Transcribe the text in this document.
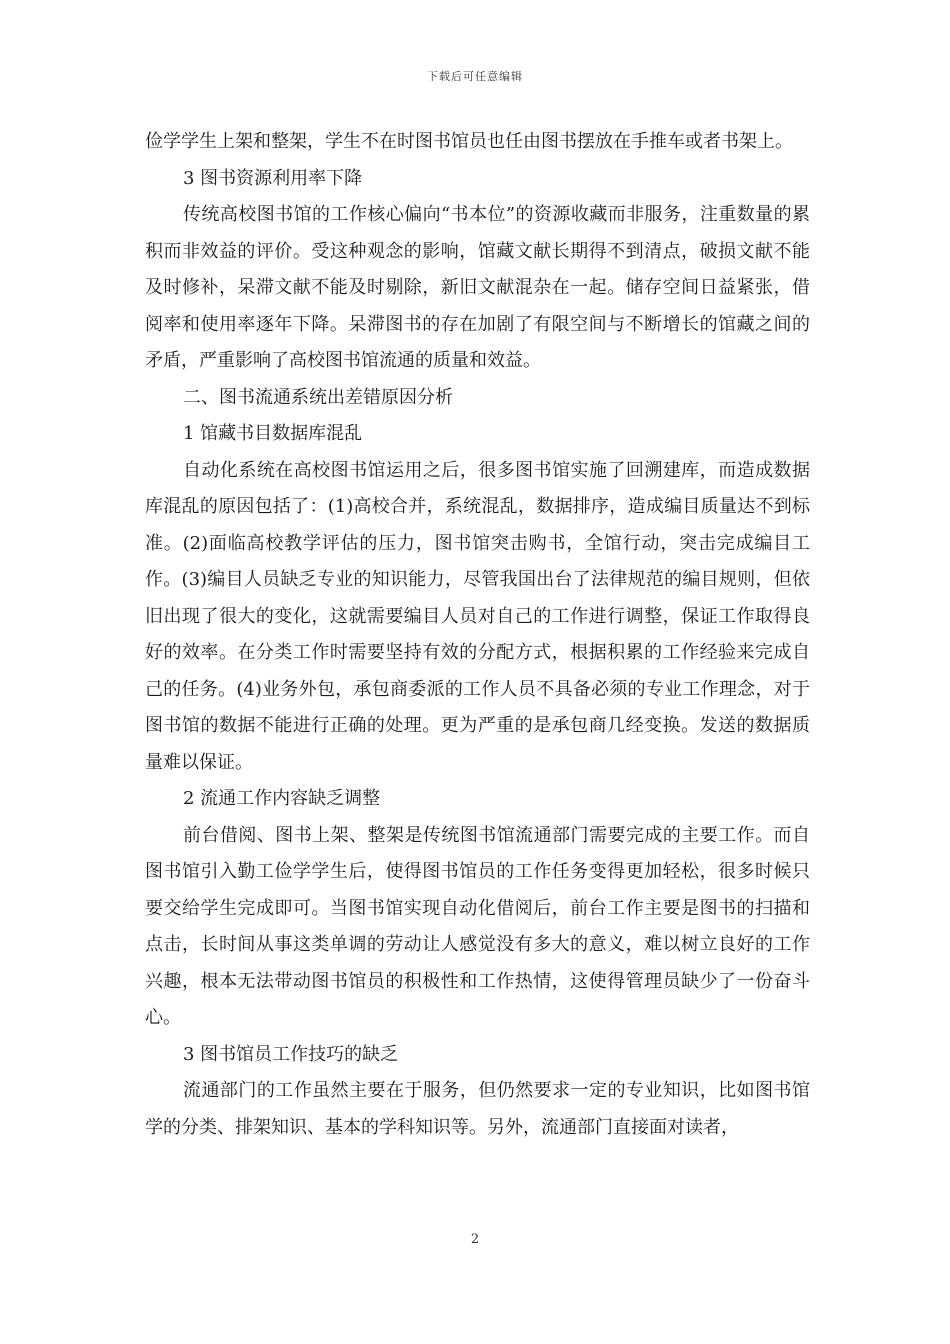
下载后可任意编辑

俭学学生上架和整架，学生不在时图书馆员也任由图书摆放在手推车或者书架上。

3 图书资源利用率下降

传统高校图书馆的工作核心偏向“书本位”的资源收藏而非服务，注重数量的累积而非效益的评价。受这种观念的影响，馆藏文献长期得不到清点，破损文献不能及时修补，呆滞文献不能及时剔除，新旧文献混杂在一起。储存空间日益紧张，借阅率和使用率逐年下降。呆滞图书的存在加剧了有限空间与不断增长的馆藏之间的矛盾，严重影响了高校图书馆流通的质量和效益。

二、图书流通系统出差错原因分析

1 馆藏书目数据库混乱

自动化系统在高校图书馆运用之后，很多图书馆实施了回溯建库，而造成数据库混乱的原因包括了：(1)高校合并，系统混乱，数据排序，造成编目质量达不到标准。(2)面临高校教学评估的压力，图书馆突击购书，全馆行动，突击完成编目工作。(3)编目人员缺乏专业的知识能力，尽管我国出台了法律规范的编目规则，但依旧出现了很大的变化，这就需要编目人员对自己的工作进行调整，保证工作取得良好的效率。在分类工作时需要坚持有效的分配方式，根据积累的工作经验来完成自己的任务。(4)业务外包，承包商委派的工作人员不具备必须的专业工作理念，对于图书馆的数据不能进行正确的处理。更为严重的是承包商几经变换。发送的数据质量难以保证。

2 流通工作内容缺乏调整

前台借阅、图书上架、整架是传统图书馆流通部门需要完成的主要工作。而自图书馆引入勤工俭学学生后，使得图书馆员的工作任务变得更加轻松，很多时候只要交给学生完成即可。当图书馆实现自动化借阅后，前台工作主要是图书的扫描和点击，长时间从事这类单调的劳动让人感觉没有多大的意义，难以树立良好的工作兴趣，根本无法带动图书馆员的积极性和工作热情，这使得管理员缺少了一份奋斗心。

3 图书馆员工作技巧的缺乏

流通部门的工作虽然主要在于服务，但仍然要求一定的专业知识，比如图书馆学的分类、排架知识、基本的学科知识等。另外，流通部门直接面对读者，

2
